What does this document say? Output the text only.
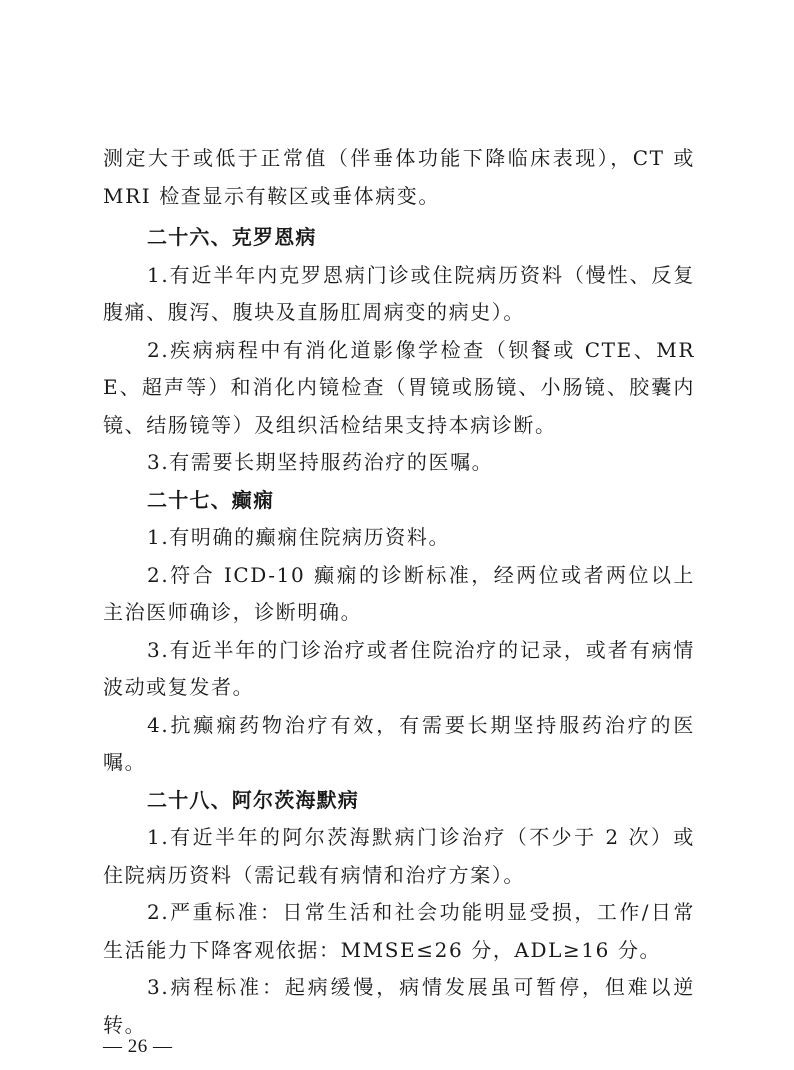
测定大于或低于正常值（伴垂体功能下降临床表现），CT 或 MRI 检查显示有鞍区或垂体病变。

二十六、克罗恩病

1.有近半年内克罗恩病门诊或住院病历资料（慢性、反复腹痛、腹泻、腹块及直肠肛周病变的病史）。

2.疾病病程中有消化道影像学检查（钡餐或 CTE、MRE、超声等）和消化内镜检查（胃镜或肠镜、小肠镜、胶囊内镜、结肠镜等）及组织活检结果支持本病诊断。

3.有需要长期坚持服药治疗的医嘱。

二十七、癫痫

1.有明确的癫痫住院病历资料。

2.符合 ICD-10 癫痫的诊断标准，经两位或者两位以上主治医师确诊，诊断明确。

3.有近半年的门诊治疗或者住院治疗的记录，或者有病情波动或复发者。

4.抗癫痫药物治疗有效，有需要长期坚持服药治疗的医嘱。

二十八、阿尔茨海默病

1.有近半年的阿尔茨海默病门诊治疗（不少于 2 次）或住院病历资料（需记载有病情和治疗方案）。

2.严重标准：日常生活和社会功能明显受损，工作/日常生活能力下降客观依据：MMSE≤26 分，ADL≥16 分。

3.病程标准：起病缓慢，病情发展虽可暂停，但难以逆转。

— 26 —
